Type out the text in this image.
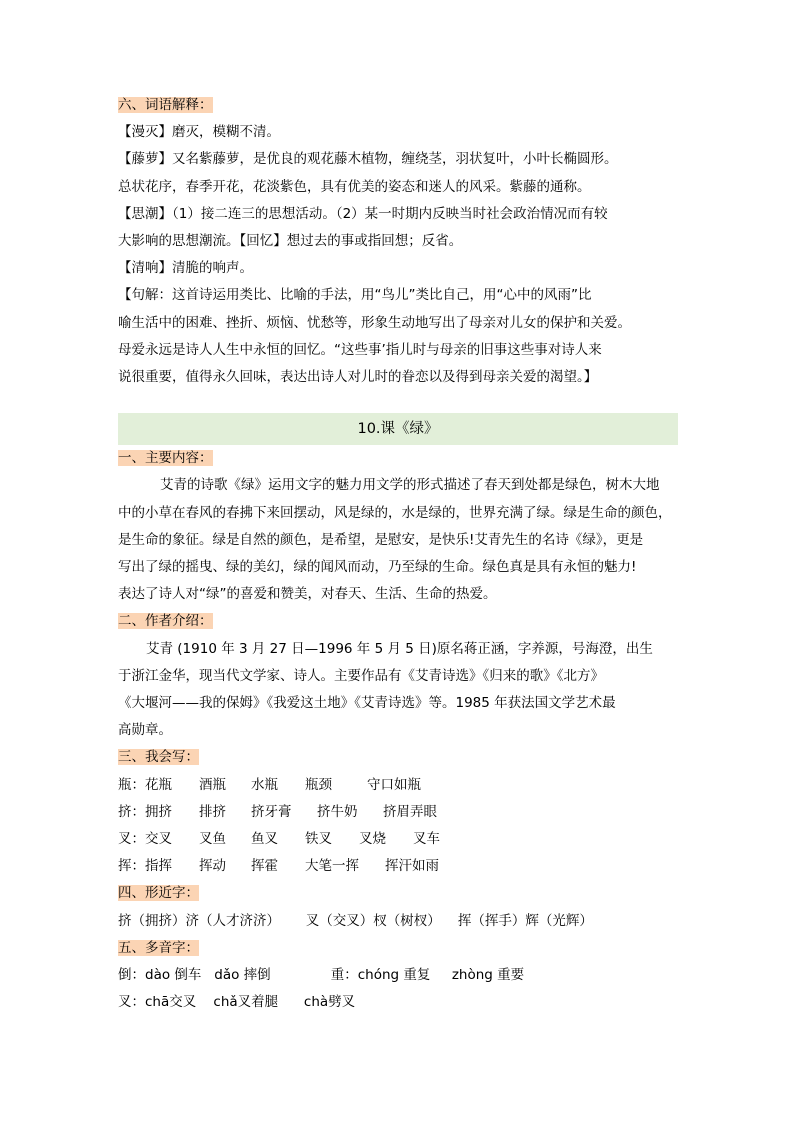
六、词语解释：
【漫灭】磨灭，模糊不清。
【藤萝】又名紫藤萝，是优良的观花藤木植物，缠绕茎，羽状复叶，小叶长椭圆形。
总状花序，春季开花，花淡紫色，具有优美的姿态和迷人的风采。紫藤的通称。
【思潮】（1）接二连三的思想活动。（2）某一时期内反映当时社会政治情况而有较
大影响的思想潮流。【回忆】想过去的事或指回想；反省。
【清响】清脆的响声。
【句解：这首诗运用类比、比喻的手法，用“鸟儿”类比自己，用“心中的风雨”比
喻生活中的困难、挫折、烦恼、忧愁等，形象生动地写出了母亲对儿女的保护和关爱。
母爱永远是诗人人生中永恒的回忆。“这些事’指儿时与母亲的旧事这些事对诗人来
说很重要，值得永久回味，表达出诗人对儿时的眷恋以及得到母亲关爱的渴望。】
10.课《绿》
一、主要内容：
艾青的诗歌《绿》运用文字的魅力用文学的形式描述了春天到处都是绿色，树木大地
中的小草在春风的春拂下来回摆动，风是绿的，水是绿的，世界充满了绿。绿是生命的颜色，
是生命的象征。绿是自然的颜色，是希望，是慰安，是快乐!艾青先生的名诗《绿》，更是
写出了绿的摇曳、绿的美幻，绿的闻风而动，乃至绿的生命。绿色真是具有永恒的魅力!
表达了诗人对“绿”的喜爱和赞美，对春天、生活、生命的热爱。
二、作者介绍：
艾青 (1910 年 3 月 27 日—1996 年 5 月 5 日)原名蒋正涵，字养源，号海澄，出生
于浙江金华，现当代文学家、诗人。主要作品有《艾青诗选》《归来的歌》《北方》
《大堰河——我的保姆》《我爱这土地》《艾青诗选》等。1985 年获法国文学艺术最
高勋章。
三、我会写：
瓶：花瓶 酒瓶 水瓶 瓶颈	守口如瓶
挤：拥挤 排挤 挤牙膏 挤牛奶 挤眉弄眼
叉：交叉 叉鱼 鱼叉 铁叉 叉烧 叉车
挥：指挥 挥动 挥霍 大笔一挥 挥汗如雨
四、形近字：
挤（拥挤）济（人才济济）      叉（交叉）杈（树杈）    挥（挥手）辉（光辉）
五、多音字：
倒：dào 倒车   dǎo 摔倒              重：chóng 重复     zhòng 重要
叉：chā交叉    chǎ叉着腿      chà劈叉
